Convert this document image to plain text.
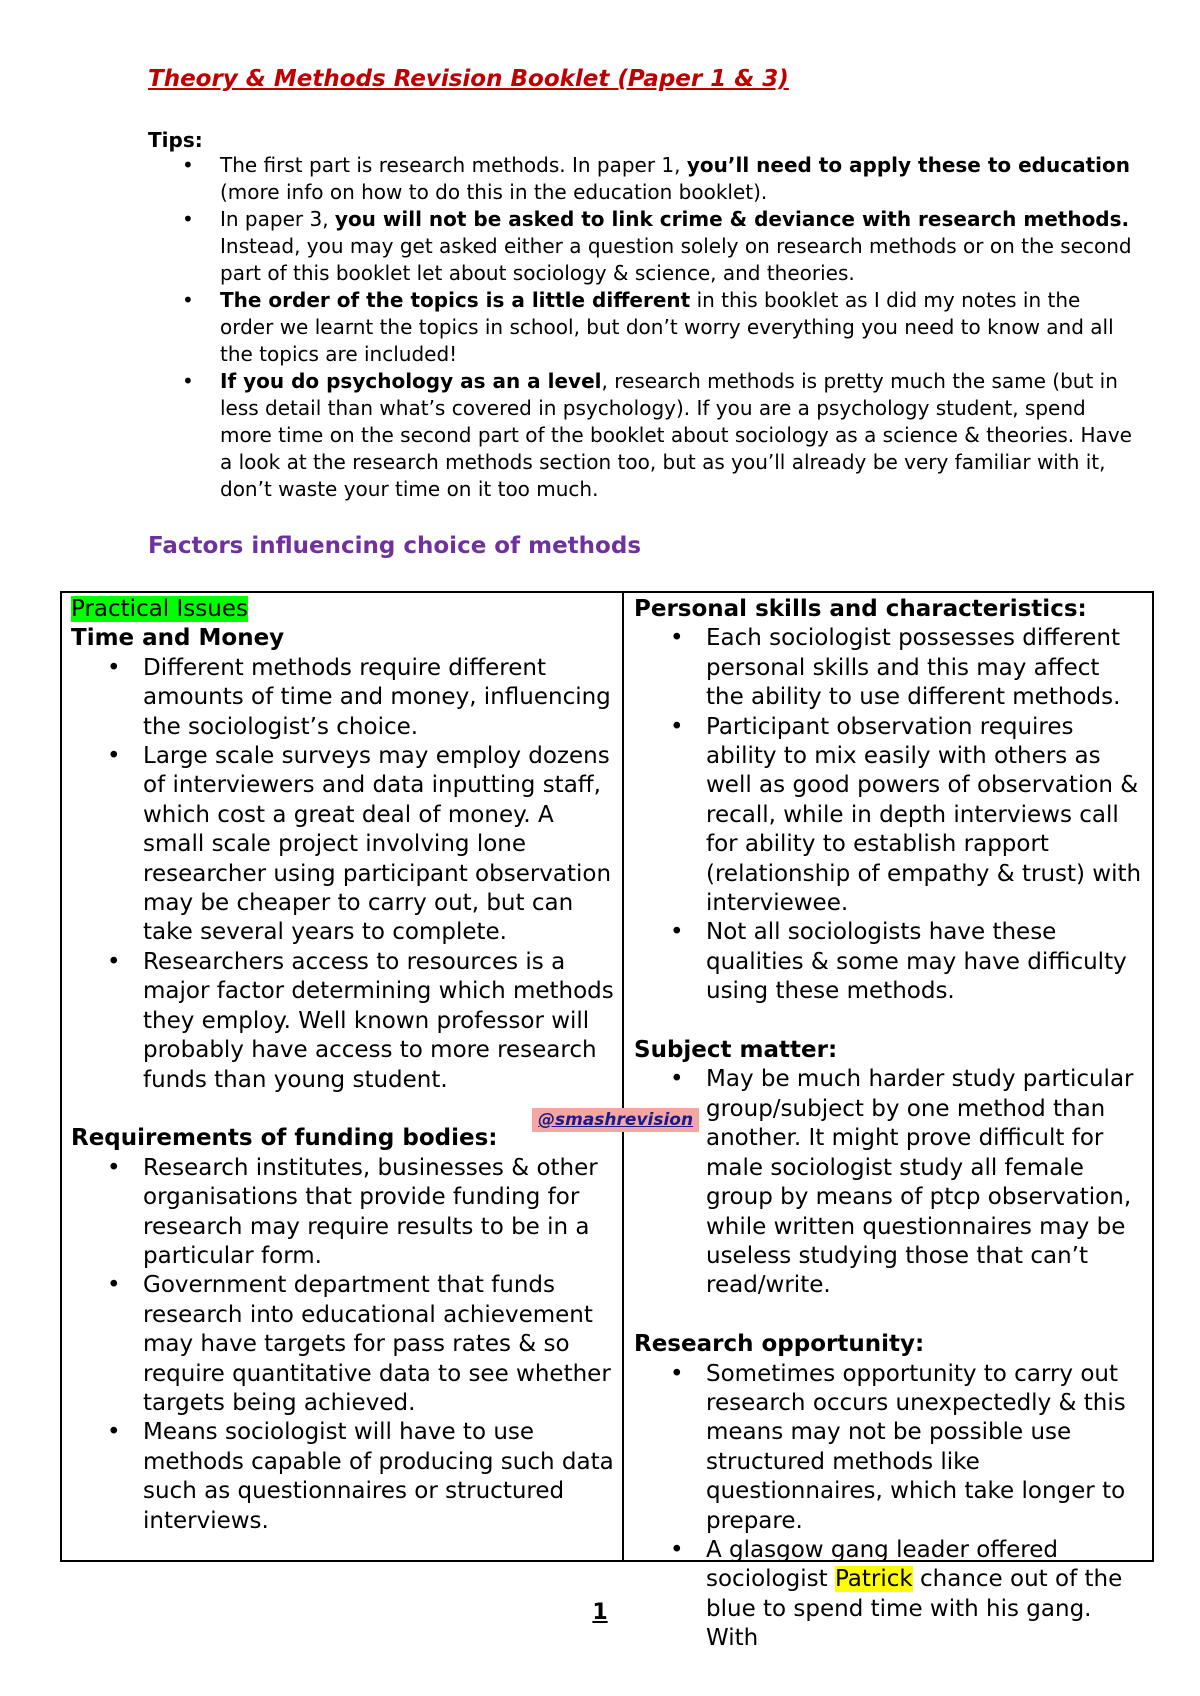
Theory & Methods Revision Booklet (Paper 1 & 3)

Tips:

• The first part is research methods. In paper 1, you’ll need to apply these to education (more info on how to do this in the education booklet).
• In paper 3, you will not be asked to link crime & deviance with research methods. Instead, you may get asked either a question solely on research methods or on the second part of this booklet let about sociology & science, and theories.
• The order of the topics is a little different in this booklet as I did my notes in the order we learnt the topics in school, but don’t worry everything you need to know and all the topics are included!
• If you do psychology as an a level, research methods is pretty much the same (but in less detail than what’s covered in psychology). If you are a psychology student, spend more time on the second part of the booklet about sociology as a science & theories. Have a look at the research methods section too, but as you’ll already be very familiar with it, don’t waste your time on it too much.
Factors influencing choice of methods
Practical Issues
Time and Money
• Different methods require different amounts of time and money, influencing the sociologist’s choice.
• Large scale surveys may employ dozens of interviewers and data inputting staff, which cost a great deal of money. A small scale project involving lone researcher using participant observation may be cheaper to carry out, but can take several years to complete.
• Researchers access to resources is a major factor determining which methods they employ. Well known professor will probably have access to more research funds than young student.
Requirements of funding bodies:
• Research institutes, businesses & other organisations that provide funding for research may require results to be in a particular form.
• Government department that funds research into educational achievement may have targets for pass rates & so require quantitative data to see whether targets being achieved.
• Means sociologist will have to use methods capable of producing such data such as questionnaires or structured interviews.
Personal skills and characteristics:
• Each sociologist possesses different personal skills and this may affect the ability to use different methods.
• Participant observation requires ability to mix easily with others as well as good powers of observation & recall, while in depth interviews call for ability to establish rapport (relationship of empathy & trust) with interviewee.
• Not all sociologists have these qualities & some may have difficulty using these methods.
Subject matter:
• May be much harder study particular group/subject by one method than another. It might prove difficult for male sociologist study all female group by means of ptcp observation, while written questionnaires may be useless studying those that can’t read/write.
Research opportunity:
• Sometimes opportunity to carry out research occurs unexpectedly & this means may not be possible use structured methods like questionnaires, which take longer to prepare.
• A glasgow gang leader offered sociologist Patrick chance out of the blue to spend time with his gang. With
@smashrevision
1
